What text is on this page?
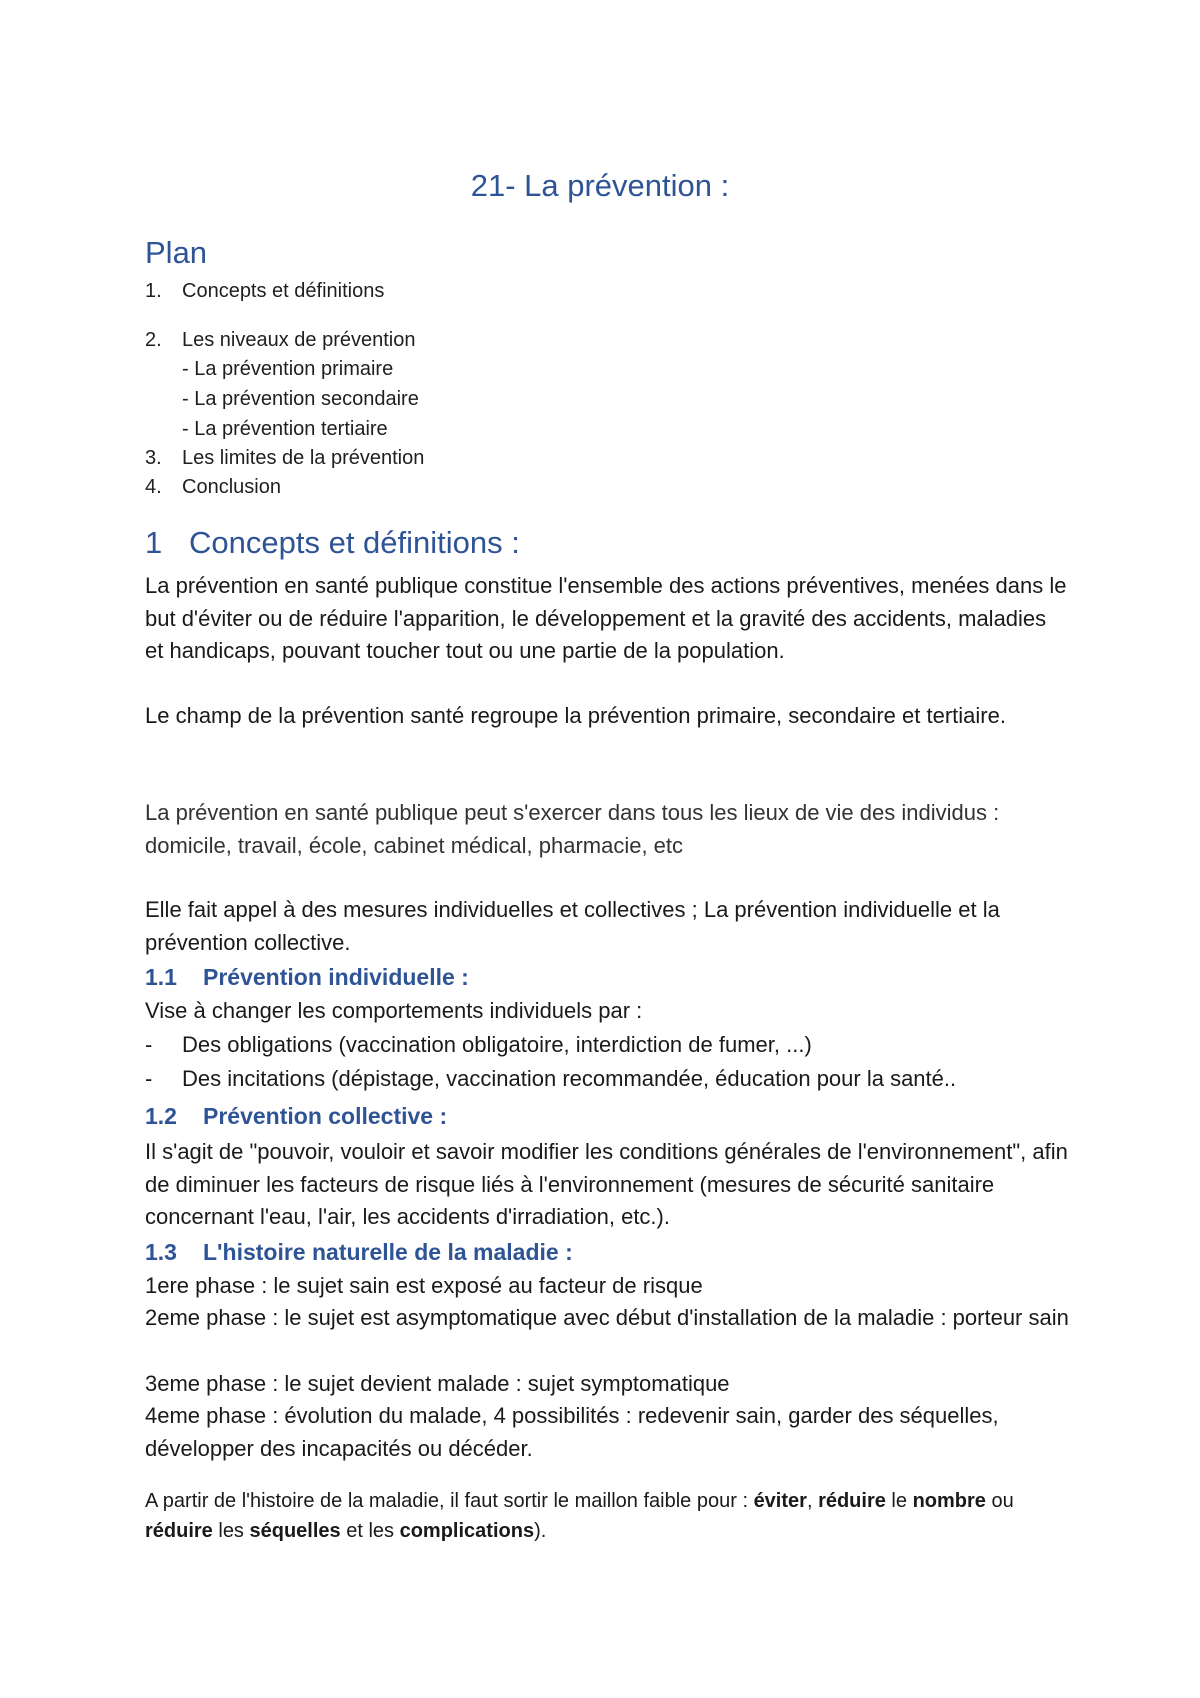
21- La prévention :
Plan
1. Concepts et définitions
2. Les niveaux de prévention
- La prévention primaire
- La prévention secondaire
- La prévention tertiaire
3. Les limites de la prévention
4. Conclusion
1 Concepts et définitions :

La prévention en santé publique constitue l'ensemble des actions préventives, menées dans le but d'éviter ou de réduire l'apparition, le développement et la gravité des accidents, maladies et handicaps, pouvant toucher tout ou une partie de la population.

Le champ de la prévention santé regroupe la prévention primaire, secondaire et tertiaire.

La prévention en santé publique peut s'exercer dans tous les lieux de vie des individus : domicile, travail, école, cabinet médical, pharmacie, etc

Elle fait appel à des mesures individuelles et collectives ; La prévention individuelle et la prévention collective.

1.1 Prévention individuelle :
Vise à changer les comportements individuels par :
- Des obligations (vaccination obligatoire, interdiction de fumer, ...)
- Des incitations (dépistage, vaccination recommandée, éducation pour la santé..
1.2 Prévention collective :

Il s'agit de "pouvoir, vouloir et savoir modifier les conditions générales de l'environnement", afin de diminuer les facteurs de risque liés à l'environnement (mesures de sécurité sanitaire concernant l'eau, l'air, les accidents d'irradiation, etc.).

1.3 L'histoire naturelle de la maladie :
1ere phase : le sujet sain est exposé au facteur de risque

2eme phase : le sujet est asymptomatique avec début d'installation de la maladie : porteur sain

3eme phase : le sujet devient malade : sujet symptomatique

4eme phase : évolution du malade, 4 possibilités : redevenir sain, garder des séquelles, développer des incapacités ou décéder.

A partir de l'histoire de la maladie, il faut sortir le maillon faible pour : éviter, réduire le nombre ou réduire les séquelles et les complications).
